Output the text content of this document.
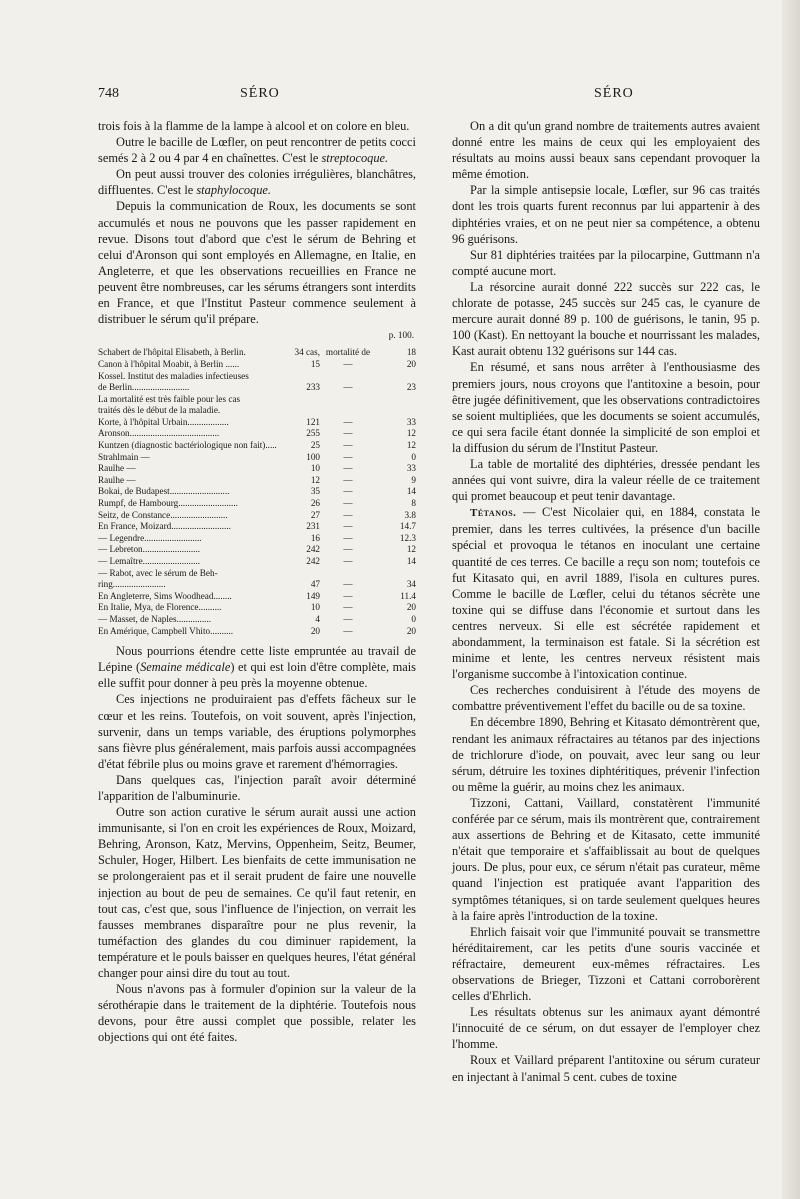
748	SÉRO	SÉRO

trois fois à la flamme de la lampe à alcool et on colore en bleu.

Outre le bacille de Lœfler, on peut rencontrer de petits cocci semés 2 à 2 ou 4 par 4 en chaînettes. C'est le streptocoque.

On peut aussi trouver des colonies irrégulières, blanchâtres, diffluentes. C'est le staphylocoque.

Depuis la communication de Roux, les documents se sont accumulés et nous ne pouvons que les passer rapidement en revue. Disons tout d'abord que c'est le sérum de Behring et celui d'Aronson qui sont employés en Allemagne, en Italie, en Angleterre, et que les observations recueillies en France ne peuvent être nombreuses, car les sérums étrangers sont interdits en France, et que l'Institut Pasteur commence seulement à distribuer le sérum qu'il prépare.

p. 100.
Schabert de l'hôpital Elisabeth, à Berlin.	34 cas,	mortalité de	18
Canon à l'hôpital Moabit, à Berlin ......	15	—	20
Kossel. Institut des maladies infectieuses			
de Berlin.........................	233	—	23
La mortalité est très faible pour les cas			
traités dès le début de la maladie.			
Korte, à l'hôpital Urbain..................	121	—	33
Aronson.......................................	255	—	12
Kuntzen (diagnostic bactériologique non fait).....	25	—	12
Strahlmain —	100	—	0
Raulhe —	10	—	33
Raulhe —	12	—	9
Bokai, de Budapest..........................	35	—	14
Rumpf, de Hambourg..........................	26	—	8
Seitz, de Constance.........................	27	—	3.8
En France, Moizard..........................	231	—	14.7
— Legendre.........................	16	—	12.3
— Lebreton.........................	242	—	12
— Lemaître.........................	242	—	14
— Rabot, avec le sérum de Beh-			
ring.......................	47	—	34
En Angleterre, Sims Woodhead........	149	—	11.4
En Italie, Mya, de Florence..........	10	—	20
— Masset, de Naples...............	4	—	0
En Amérique, Campbell Vhito..........	20	—	20

Nous pourrions étendre cette liste empruntée au travail de Lépine (Semaine médicale) et qui est loin d'être complète, mais elle suffit pour donner à peu près la moyenne obtenue.

Ces injections ne produiraient pas d'effets fâcheux sur le cœur et les reins. Toutefois, on voit souvent, après l'injection, survenir, dans un temps variable, des éruptions polymorphes sans fièvre plus généralement, mais parfois aussi accompagnées d'état fébrile plus ou moins grave et rarement d'hémorragies.

Dans quelques cas, l'injection paraît avoir déterminé l'apparition de l'albuminurie.

Outre son action curative le sérum aurait aussi une action immunisante, si l'on en croit les expériences de Roux, Moizard, Behring, Aronson, Katz, Mervins, Oppenheim, Seitz, Beumer, Schuler, Hoger, Hilbert. Les bienfaits de cette immunisation ne se prolongeraient pas et il serait prudent de faire une nouvelle injection au bout de peu de semaines. Ce qu'il faut retenir, en tout cas, c'est que, sous l'influence de l'injection, on verrait les fausses membranes disparaître pour ne plus revenir, la tuméfaction des glandes du cou diminuer rapidement, la température et le pouls baisser en quelques heures, l'état général changer pour ainsi dire du tout au tout.

Nous n'avons pas à formuler d'opinion sur la valeur de la sérothérapie dans le traitement de la diphtérie. Toutefois nous devons, pour être aussi complet que possible, relater les objections qui ont été faites.

On a dit qu'un grand nombre de traitements autres avaient donné entre les mains de ceux qui les employaient des résultats au moins aussi beaux sans cependant provoquer la même émotion.

Par la simple antisepsie locale, Lœfler, sur 96 cas traités dont les trois quarts furent reconnus par lui appartenir à des diphtéries vraies, et on ne peut nier sa compétence, a obtenu 96 guérisons.

Sur 81 diphtéries traitées par la pilocarpine, Guttmann n'a compté aucune mort.

La résorcine aurait donné 222 succès sur 222 cas, le chlorate de potasse, 245 succès sur 245 cas, le cyanure de mercure aurait donné 89 p. 100 de guérisons, le tanin, 95 p. 100 (Kast). En nettoyant la bouche et nourrissant les malades, Kast aurait obtenu 132 guérisons sur 144 cas.

En résumé, et sans nous arrêter à l'enthousiasme des premiers jours, nous croyons que l'antitoxine a besoin, pour être jugée définitivement, que les observations contradictoires se soient multipliées, que les documents se soient accumulés, ce qui sera facile étant donnée la simplicité de son emploi et la diffusion du sérum de l'Institut Pasteur.

La table de mortalité des diphtéries, dressée pendant les années qui vont suivre, dira la valeur réelle de ce traitement qui promet beaucoup et peut tenir davantage.

Tétanos. — C'est Nicolaier qui, en 1884, constata le premier, dans les terres cultivées, la présence d'un bacille spécial et provoqua le tétanos en inoculant une certaine quantité de ces terres. Ce bacille a reçu son nom; toutefois ce fut Kitasato qui, en avril 1889, l'isola en cultures pures. Comme le bacille de Lœfler, celui du tétanos sécrète une toxine qui se diffuse dans l'économie et surtout dans les centres nerveux. Si elle est sécrétée rapidement et abondamment, la terminaison est fatale. Si la sécrétion est minime et lente, les centres nerveux résistent mais l'organisme succombe à l'intoxication continue.

Ces recherches conduisirent à l'étude des moyens de combattre préventivement l'effet du bacille ou de sa toxine.

En décembre 1890, Behring et Kitasato démontrèrent que, rendant les animaux réfractaires au tétanos par des injections de trichlorure d'iode, on pouvait, avec leur sang ou leur sérum, détruire les toxines diphtéritiques, prévenir l'infection ou même la guérir, au moins chez les animaux.

Tizzoni, Cattani, Vaillard, constatèrent l'immunité conférée par ce sérum, mais ils montrèrent que, contrairement aux assertions de Behring et de Kitasato, cette immunité n'était que temporaire et s'affaiblissait au bout de quelques jours. De plus, pour eux, ce sérum n'était pas curateur, même quand l'injection est pratiquée avant l'apparition des symptômes tétaniques, si on tarde seulement quelques heures à la faire après l'introduction de la toxine.

Ehrlich faisait voir que l'immunité pouvait se transmettre héréditairement, car les petits d'une souris vaccinée et réfractaire, demeurent eux-mêmes réfractaires. Les observations de Brieger, Tizzoni et Cattani corroborèrent celles d'Ehrlich.

Les résultats obtenus sur les animaux ayant démontré l'innocuité de ce sérum, on dut essayer de l'employer chez l'homme.

Roux et Vaillard préparent l'antitoxine ou sérum curateur en injectant à l'animal 5 cent. cubes de toxine
